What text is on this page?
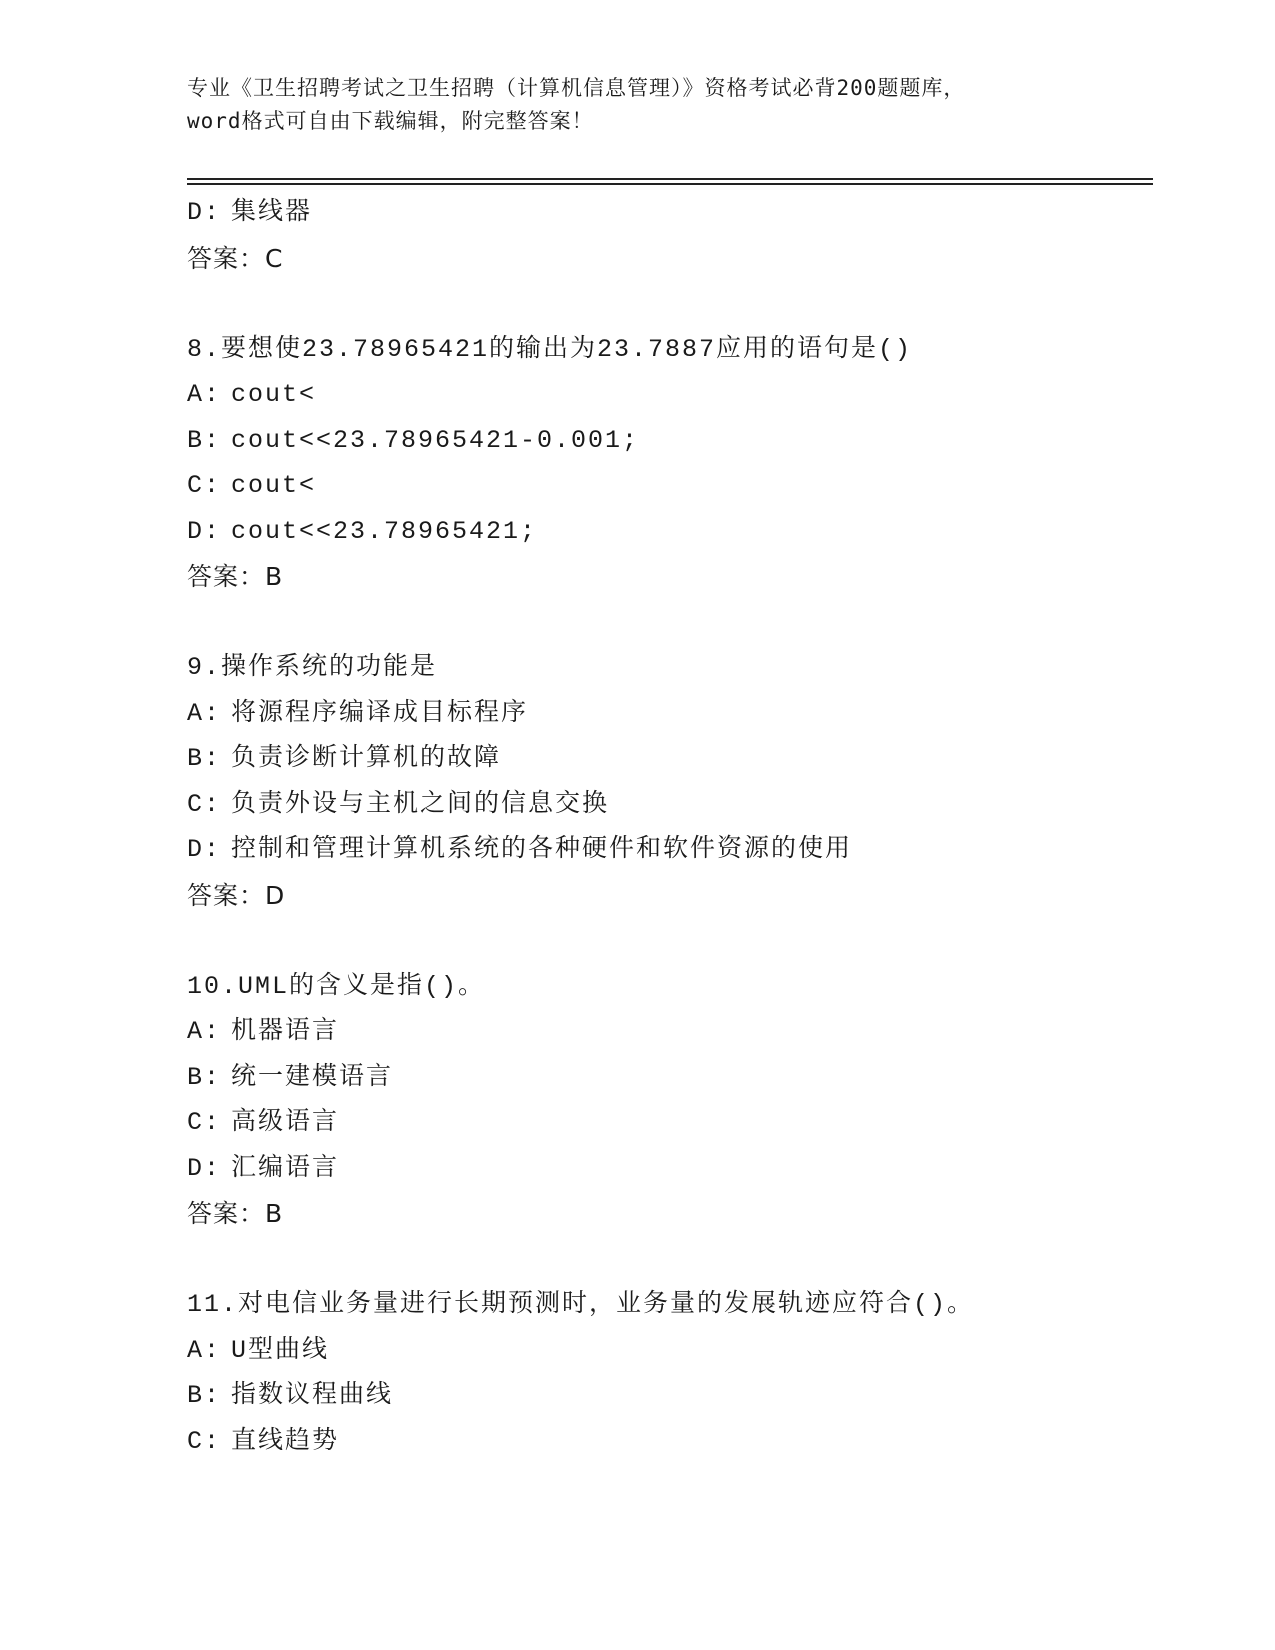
专业《卫生招聘考试之卫生招聘（计算机信息管理）》资格考试必背200题题库，
word格式可自由下载编辑，附完整答案！
D: 集线器
答案：C
8.要想使23.78965421的输出为23.7887应用的语句是()
A: cout<
B: cout<<23.78965421-0.001;
C: cout<
D: cout<<23.78965421;
答案：B
9.操作系统的功能是
A: 将源程序编译成目标程序
B: 负责诊断计算机的故障
C: 负责外设与主机之间的信息交换
D: 控制和管理计算机系统的各种硬件和软件资源的使用
答案：D
10.UML的含义是指()。
A: 机器语言
B: 统一建模语言
C: 高级语言
D: 汇编语言
答案：B
11.对电信业务量进行长期预测时，业务量的发展轨迹应符合()。
A: U型曲线
B: 指数议程曲线
C: 直线趋势
